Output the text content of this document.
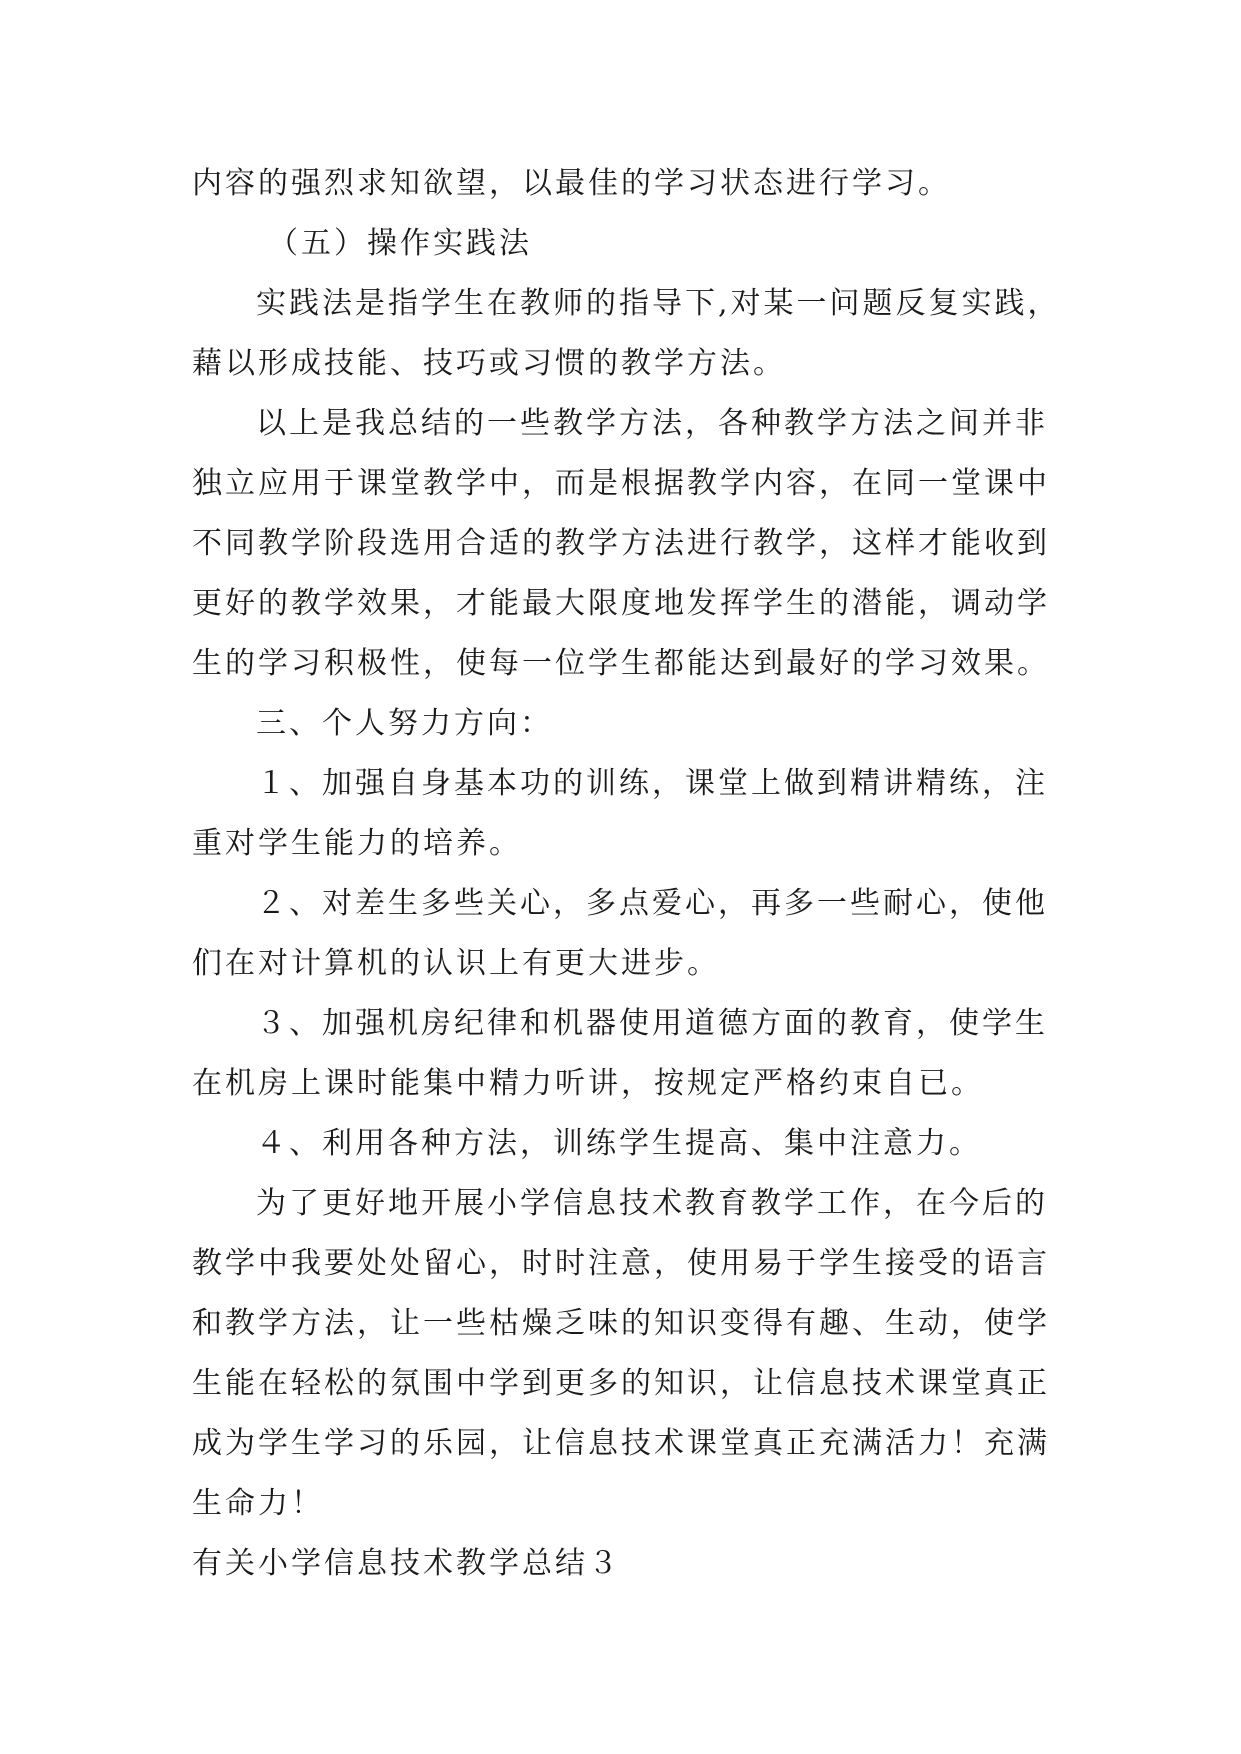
内容的强烈求知欲望，以最佳的学习状态进行学习。
（五）操作实践法
实践法是指学生在教师的指导下,对某一问题反复实践，
藉以形成技能、技巧或习惯的教学方法。
以上是我总结的一些教学方法，各种教学方法之间并非
独立应用于课堂教学中，而是根据教学内容，在同一堂课中
不同教学阶段选用合适的教学方法进行教学，这样才能收到
更好的教学效果，才能最大限度地发挥学生的潜能，调动学
生的学习积极性，使每一位学生都能达到最好的学习效果。
三、个人努力方向：
１、加强自身基本功的训练，课堂上做到精讲精练，注
重对学生能力的培养。
２、对差生多些关心，多点爱心，再多一些耐心，使他
们在对计算机的认识上有更大进步。
３、加强机房纪律和机器使用道德方面的教育，使学生
在机房上课时能集中精力听讲，按规定严格约束自已。
４、利用各种方法，训练学生提高、集中注意力。
为了更好地开展小学信息技术教育教学工作，在今后的
教学中我要处处留心，时时注意，使用易于学生接受的语言
和教学方法，让一些枯燥乏味的知识变得有趣、生动，使学
生能在轻松的氛围中学到更多的知识，让信息技术课堂真正
成为学生学习的乐园，让信息技术课堂真正充满活力！充满
生命力！
有关小学信息技术教学总结３
